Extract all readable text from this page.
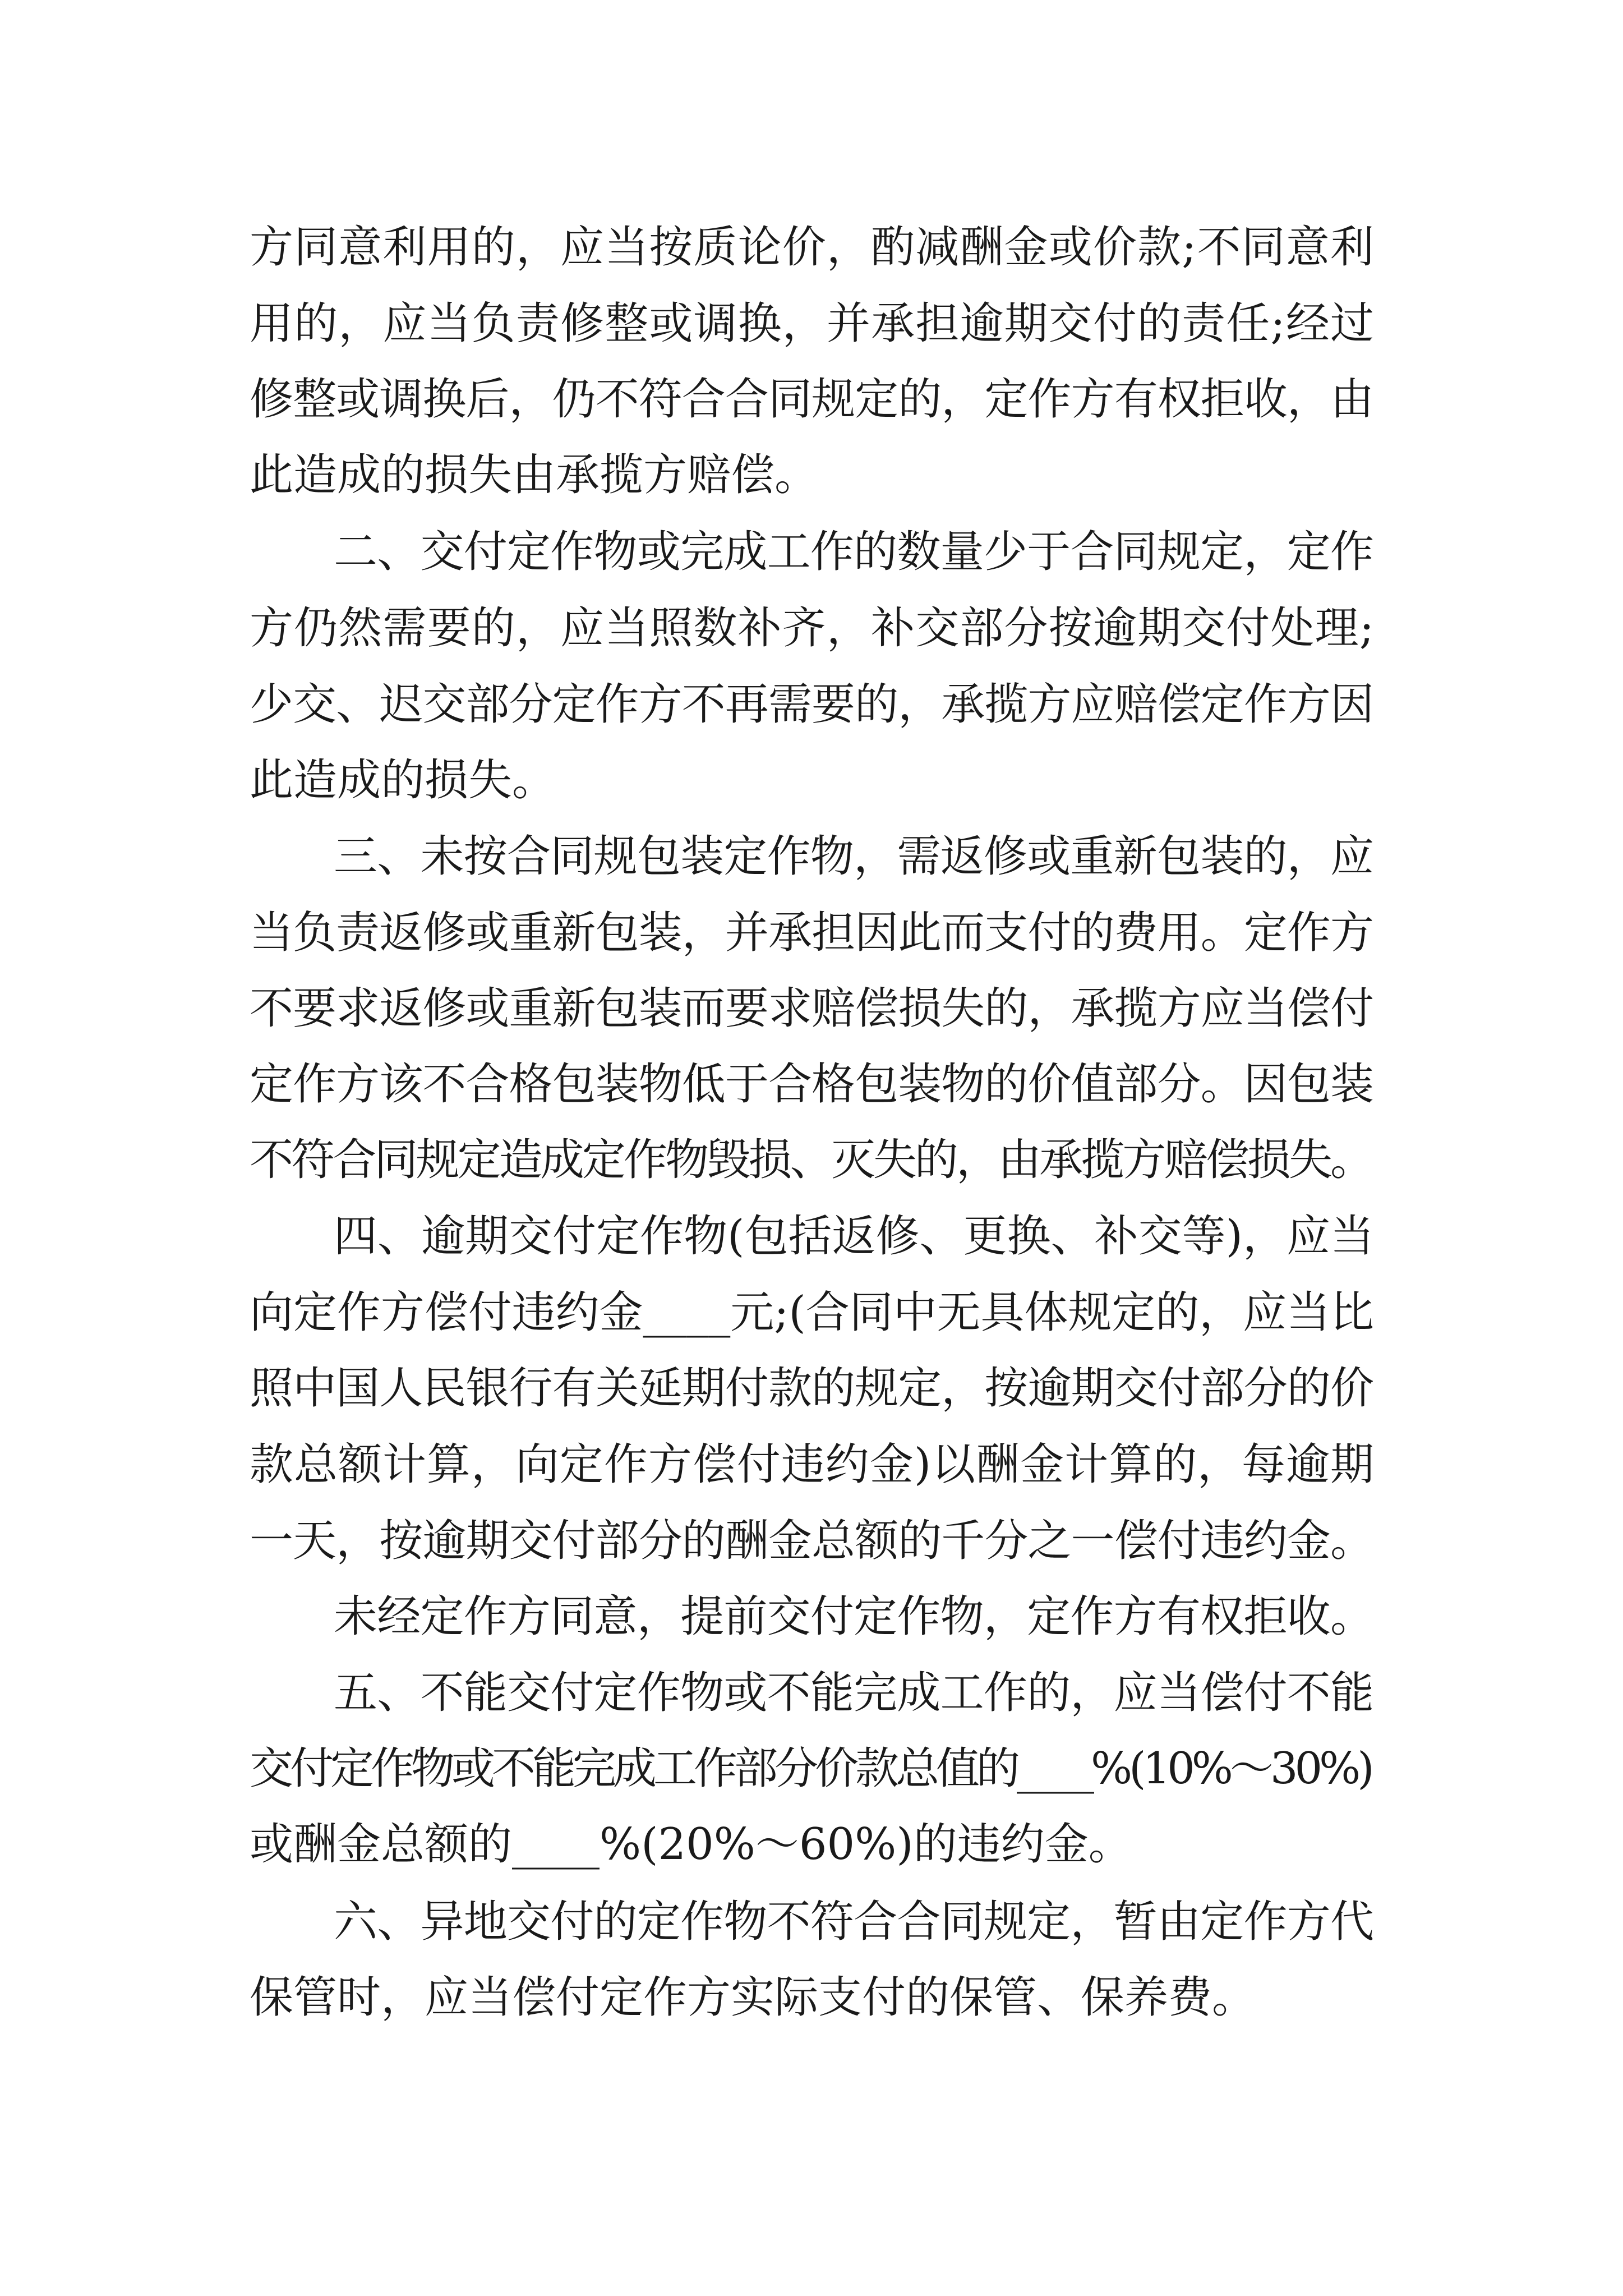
方同意利用的，应当按质论价，酌减酬金或价款;不同意利

用的，应当负责修整或调换，并承担逾期交付的责任;经过

修整或调换后，仍不符合合同规定的，定作方有权拒收，由

此造成的损失由承揽方赔偿。

二、交付定作物或完成工作的数量少于合同规定，定作

方仍然需要的，应当照数补齐，补交部分按逾期交付处理;

少交、迟交部分定作方不再需要的，承揽方应赔偿定作方因

此造成的损失。

三、未按合同规包装定作物，需返修或重新包装的，应

当负责返修或重新包装，并承担因此而支付的费用。定作方

不要求返修或重新包装而要求赔偿损失的，承揽方应当偿付

定作方该不合格包装物低于合格包装物的价值部分。因包装

不符合同规定造成定作物毁损、灭失的，由承揽方赔偿损失。

四、逾期交付定作物(包括返修、更换、补交等)，应当

向定作方偿付违约金____元;(合同中无具体规定的，应当比

照中国人民银行有关延期付款的规定，按逾期交付部分的价

款总额计算，向定作方偿付违约金)以酬金计算的，每逾期

一天，按逾期交付部分的酬金总额的千分之一偿付违约金。

未经定作方同意，提前交付定作物，定作方有权拒收。

五、不能交付定作物或不能完成工作的，应当偿付不能

交付定作物或不能完成工作部分价款总值的____%(10%～30%)

或酬金总额的____%(20%～60%)的违约金。

六、异地交付的定作物不符合合同规定，暂由定作方代

保管时，应当偿付定作方实际支付的保管、保养费。
